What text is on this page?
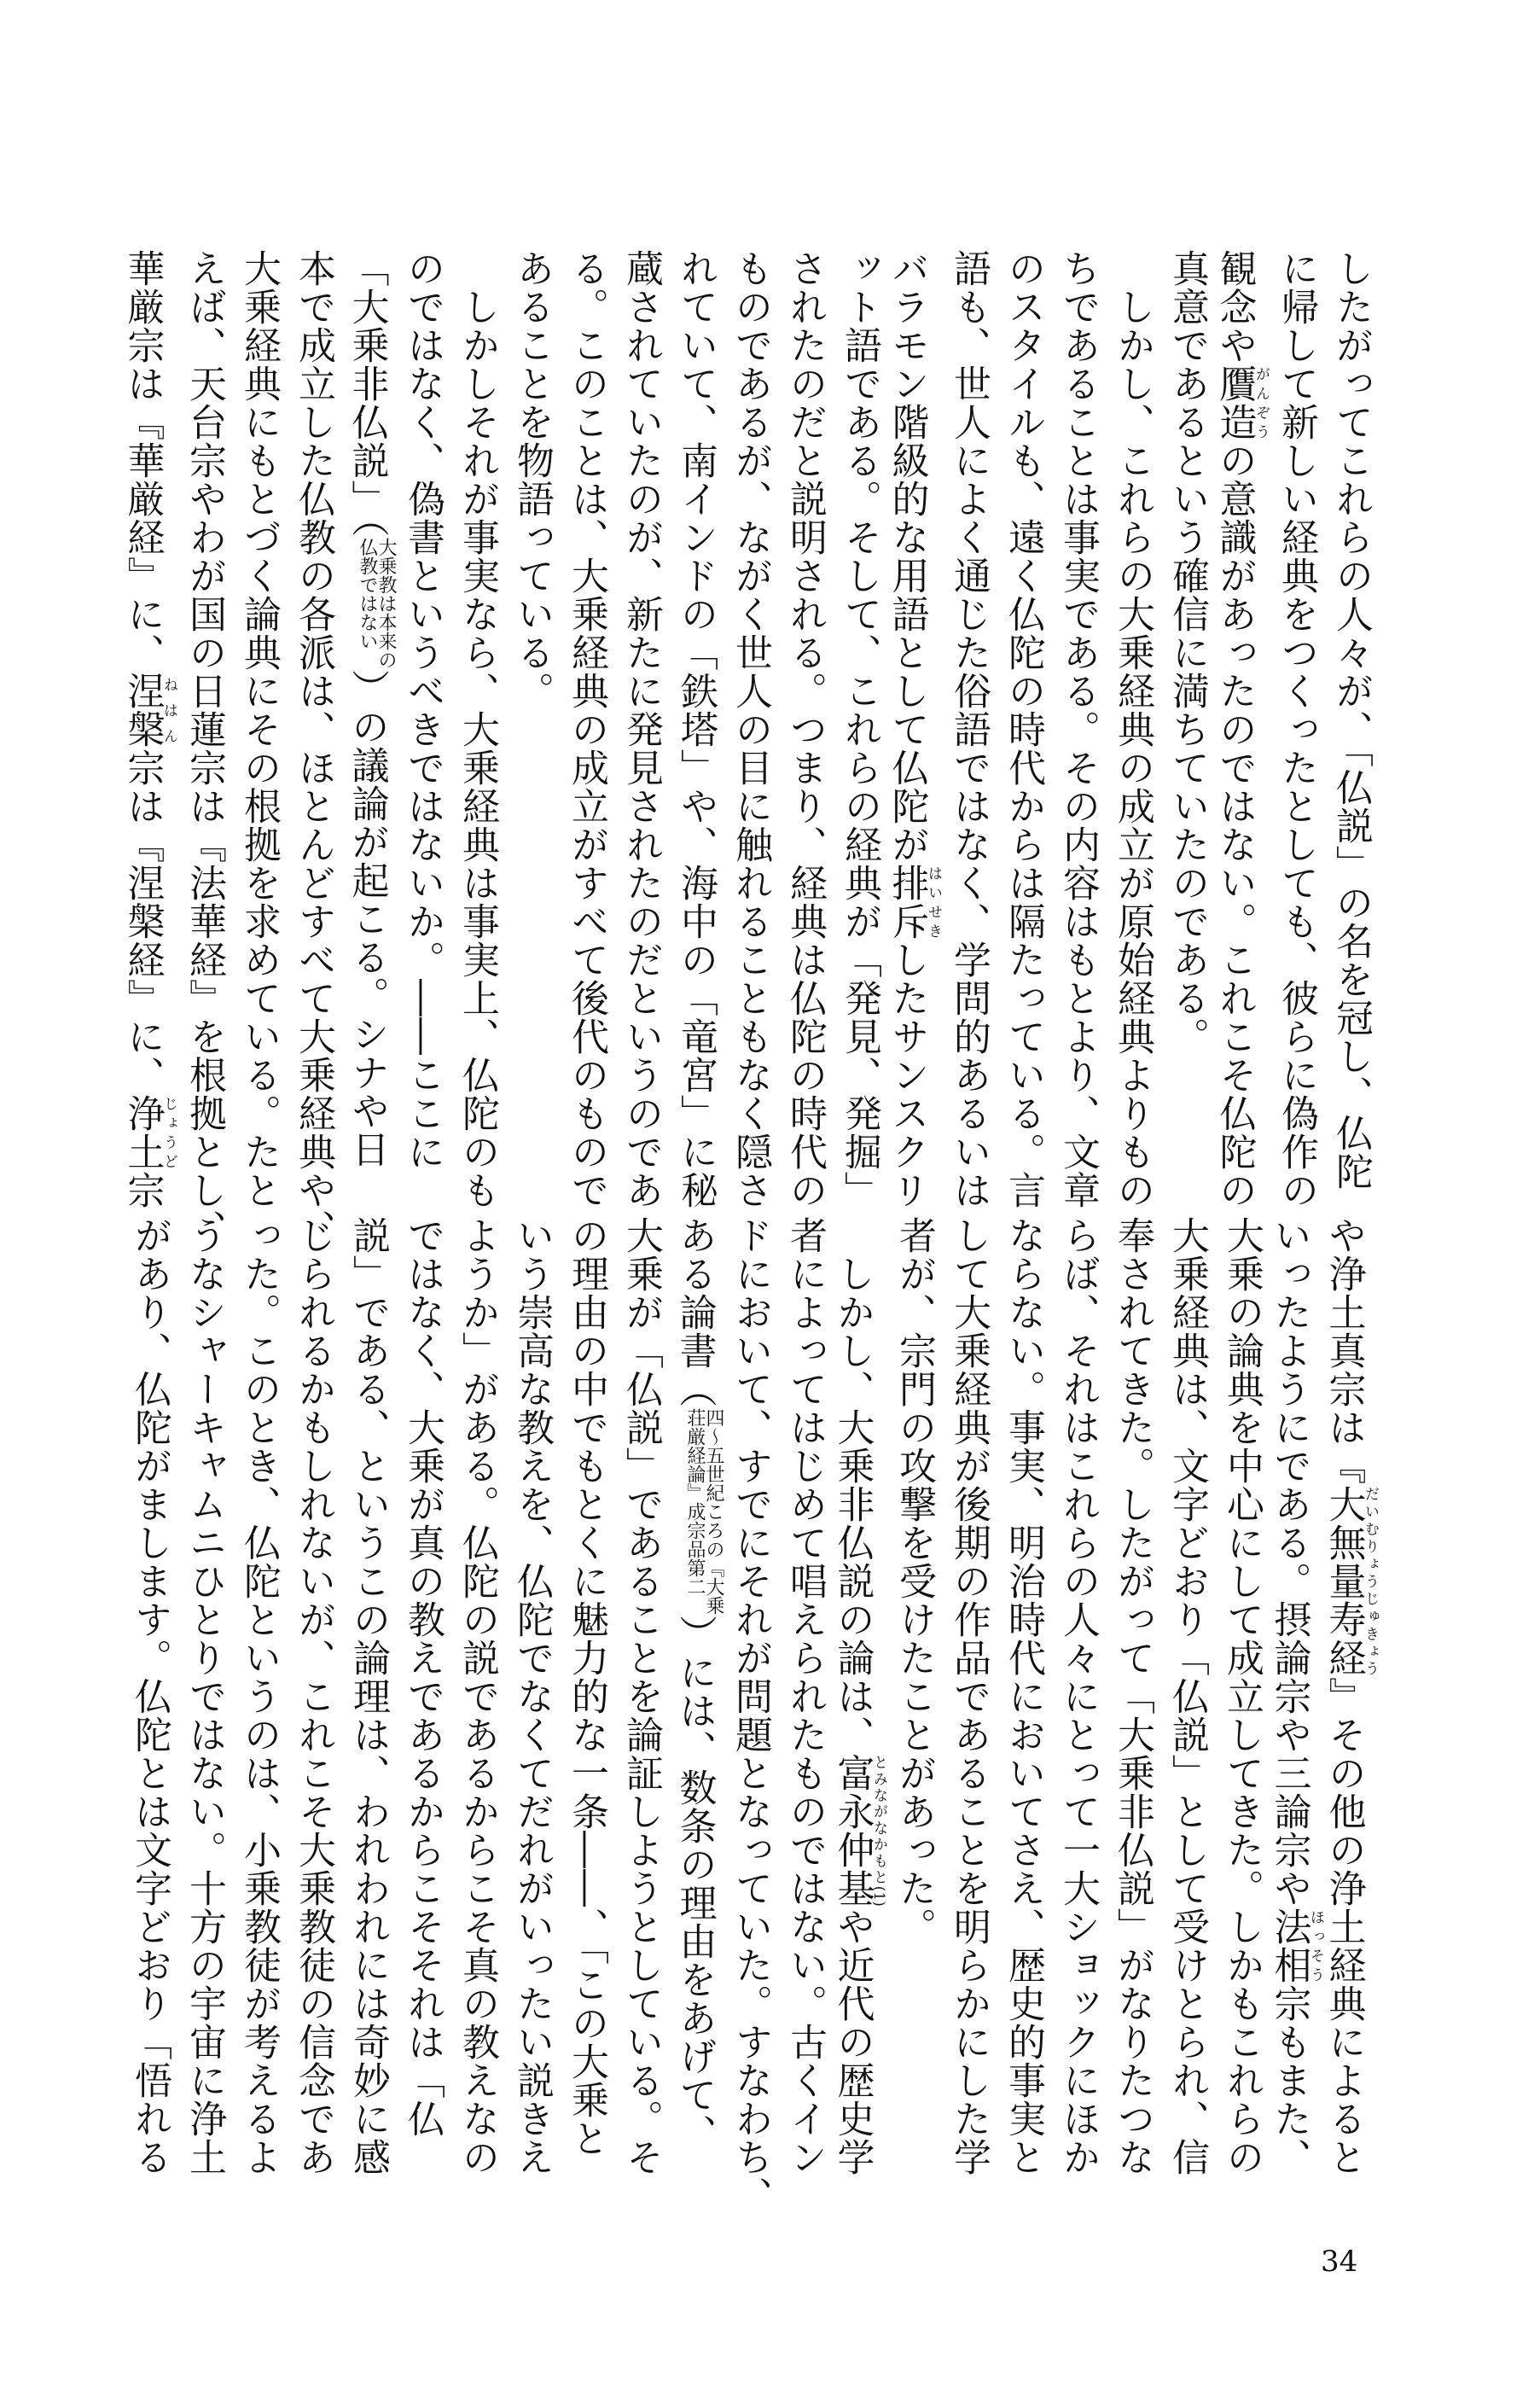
したがってこれらの人々が、「仏説」の名を冠し、仏陀
に帰して新しい経典をつくったとしても、彼らに偽作の
観念や贋造がんぞうの意識があったのではない。これこそ仏陀の
真意であるという確信に満ちていたのである。
　しかし、これらの大乗経典の成立が原始経典よりもの
ちであることは事実である。その内容はもとより、文章
のスタイルも、遠く仏陀の時代からは隔たっている。言
語も、世人によく通じた俗語ではなく、学問的あるいは
バラモン階級的な用語として仏陀が排斥はいせきしたサンスクリ
ット語である。そして、これらの経典が「発見、発掘」
されたのだと説明される。つまり、経典は仏陀の時代の
ものであるが、ながく世人の目に触れることもなく隠さ
れていて、南インドの「鉄塔」や、海中の「竜宮」に秘
蔵されていたのが、新たに発見されたのだというのであ
る。このことは、大乗経典の成立がすべて後代のもので
あることを物語っている。
　しかしそれが事実なら、大乗経典は事実上、仏陀のも
のではなく、偽書というべきではないか。――ここに
「大乗非仏説」（
大乗教は本来の
仏教ではない
）の議論が起こる。シナや日
本で成立した仏教の各派は、ほとんどすべて大乗経典や、
大乗経典にもとづく論典にその根拠を求めている。たと
えば、天台宗やわが国の日蓮宗は『法華経』を根拠とし、
華厳宗は『華厳経』に、涅槃ねはん宗は『涅槃経』に、浄土じょうど宗
や浄土真宗は『大無量寿経だいむりょうじゅきょう』その他の浄土経典によると
いったようにである。摂論宗や三論宗や法相ほっそう宗もまた、
大乗の論典を中心にして成立してきた。しかもこれらの
大乗経典は、文字どおり「仏説」として受けとられ、信
奉されてきた。したがって「大乗非仏説」がなりたつな
らば、それはこれらの人々にとって一大ショックにほか
ならない。事実、明治時代においてさえ、歴史的事実と
して大乗経典が後期の作品であることを明らかにした学
者が、宗門の攻撃を受けたことがあった。
　しかし、大乗非仏説の論は、富永仲基とみながなかもと(1)や近代の歴史学
者によってはじめて唱えられたものではない。古くイン
ドにおいて、すでにそれが問題となっていた。すなわち、
ある論書（
四～五世紀ころの『大乗
荘厳経論』成宗品第二
）には、数条の理由をあげて、
大乗が「仏説」であることを論証しようとしている。そ
の理由の中でもとくに魅力的な一条――、「この大乗と
いう崇高な教えを、仏陀でなくてだれがいったい説きえ
ようか」がある。仏陀の説であるからこそ真の教えなの
ではなく、大乗が真の教えであるからこそそれは「仏
説」である、というこの論理は、われわれには奇妙に感
じられるかもしれないが、これこそ大乗教徒の信念であ
った。このとき、仏陀というのは、小乗教徒が考えるよ
うなシャーキャムニひとりではない。十方の宇宙に浄土
があり、仏陀がまします。仏陀とは文字どおり「悟れる
34
